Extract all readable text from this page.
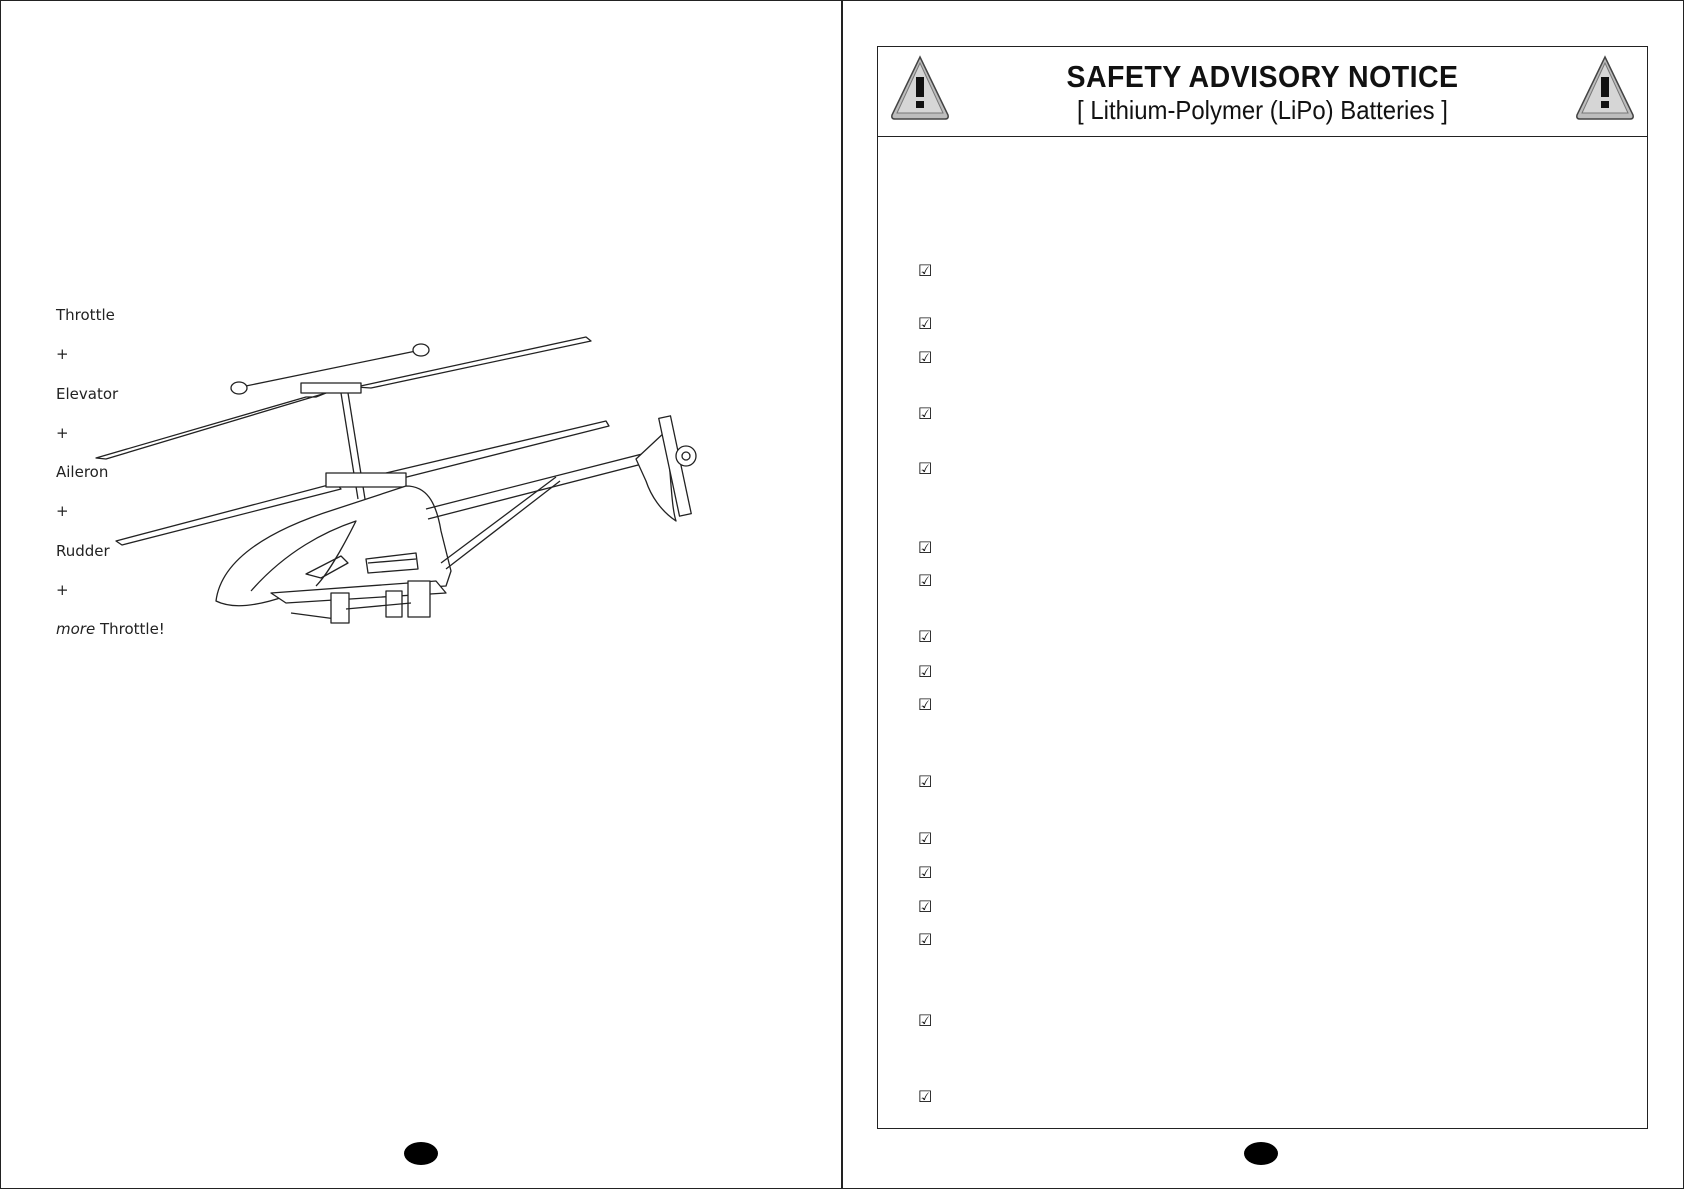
Throttle
+
Elevator
+
Aileron
+
Rudder
+
more Throttle!
SAFETY ADVISORY NOTICE
[ Lithium-Polymer (LiPo) Batteries ]
☑
☑
☑
☑
☑
☑
☑
☑
☑
☑
☑
☑
☑
☑
☑
☑
☑
